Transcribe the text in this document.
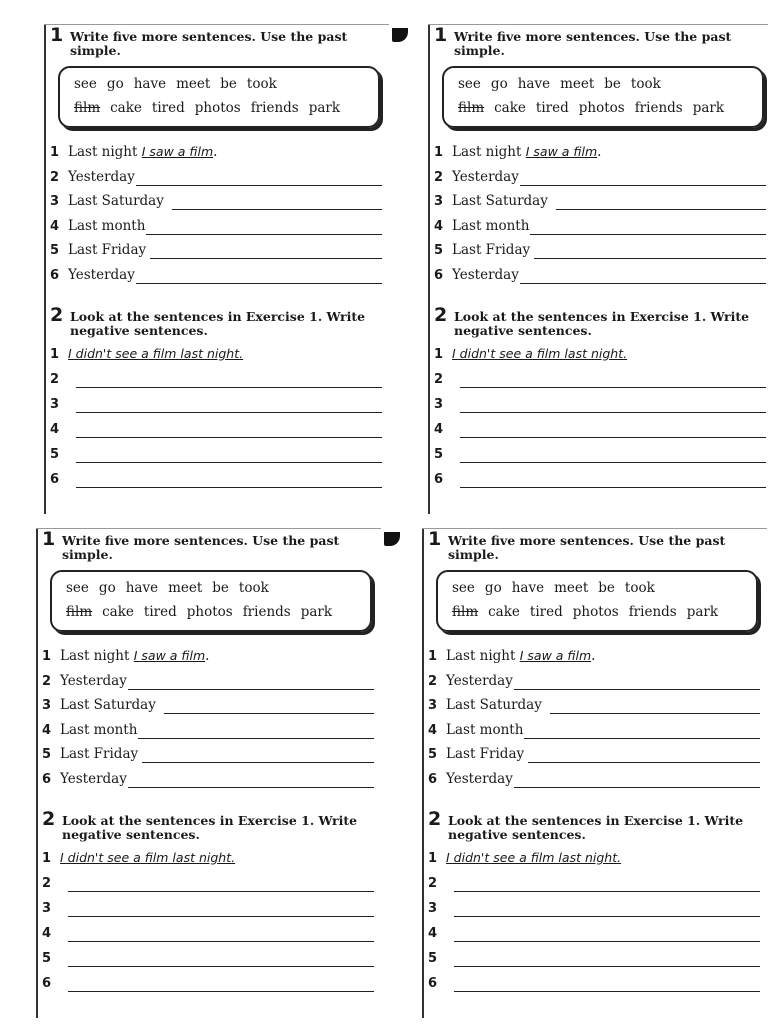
1 Write five more sentences. Use the past simple.
see go have meet be took
film cake tired photos friends park
1 Last night I saw a film.
2 Yesterday
3 Last Saturday
4 Last month
5 Last Friday
6 Yesterday
2 Look at the sentences in Exercise 1. Write negative sentences.
1 I didn't see a film last night.
2
3
4
5
6
1 Write five more sentences. Use the past simple.
see go have meet be took
film cake tired photos friends park
1 Last night I saw a film.
2 Yesterday
3 Last Saturday
4 Last month
5 Last Friday
6 Yesterday
2 Look at the sentences in Exercise 1. Write negative sentences.
1 I didn't see a film last night.
2
3
4
5
6
1 Write five more sentences. Use the past simple.
see go have meet be took
film cake tired photos friends park
1 Last night I saw a film.
2 Yesterday
3 Last Saturday
4 Last month
5 Last Friday
6 Yesterday
2 Look at the sentences in Exercise 1. Write negative sentences.
1 I didn't see a film last night.
2
3
4
5
6
1 Write five more sentences. Use the past simple.
see go have meet be took
film cake tired photos friends park
1 Last night I saw a film.
2 Yesterday
3 Last Saturday
4 Last month
5 Last Friday
6 Yesterday
2 Look at the sentences in Exercise 1. Write negative sentences.
1 I didn't see a film last night.
2
3
4
5
6
